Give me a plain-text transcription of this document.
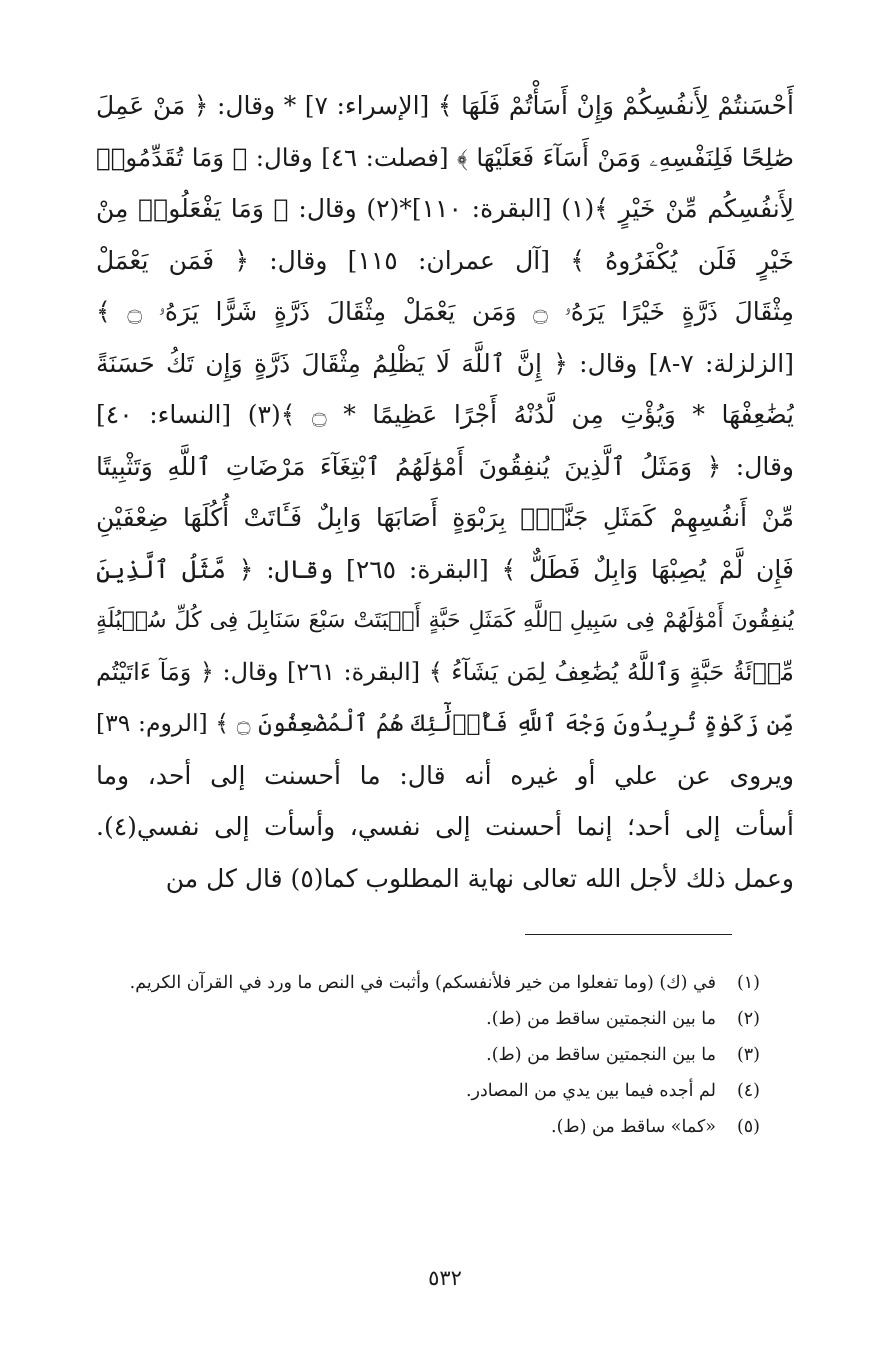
أَحْسَنتُمْ لِأَنفُسِكُمْ وَإِنْ أَسَأْتُمْ فَلَهَا ﴾ [الإسراء: ٧] * وقال: ﴿ مَنْ عَمِلَ
صَٰلِحًا فَلِنَفْسِهِۦ وَمَنْ أَسَآءَ فَعَلَيْهَا ﴾ [فصلت: ٤٦] وقال: ﴿ وَمَا تُقَدِّمُوا۟
لِأَنفُسِكُم مِّنْ خَيْرٍ ﴾(١) [البقرة: ١١٠]*(٢) وقال: ﴿ وَمَا يَفْعَلُوا۟ مِنْ
خَيْرٍ فَلَن يُكْفَرُوهُ ﴾ [آل عمران: ١١٥] وقال: ﴿ فَمَن يَعْمَلْ
مِثْقَالَ ذَرَّةٍ خَيْرًا يَرَهُۥ ۝ وَمَن يَعْمَلْ مِثْقَالَ ذَرَّةٍ شَرًّا يَرَهُۥ ۝ ﴾
[الزلزلة: ٧-٨] وقال: ﴿ إِنَّ ٱللَّهَ لَا يَظْلِمُ مِثْقَالَ ذَرَّةٍ وَإِن تَكُ حَسَنَةً
يُضَٰعِفْهَا * وَيُؤْتِ مِن لَّدُنْهُ أَجْرًا عَظِيمًا * ۝ ﴾(٣) [النساء: ٤٠]
وقال: ﴿ وَمَثَلُ ٱلَّذِينَ يُنفِقُونَ أَمْوَٰلَهُمُ ٱبْتِغَآءَ مَرْضَاتِ ٱللَّهِ وَتَثْبِيتًا
مِّنْ أَنفُسِهِمْ كَمَثَلِ جَنَّةٍۭ بِرَبْوَةٍ أَصَابَهَا وَابِلٌ فَـَٔاتَتْ أُكُلَهَا ضِعْفَيْنِ
فَإِن لَّمْ يُصِبْهَا وَابِلٌ فَطَلٌّ ﴾ [البقرة: ٢٦٥] وقال: ﴿ مَّثَلُ ٱلَّذِينَ
يُنفِقُونَ أَمْوَٰلَهُمْ فِى سَبِيلِ ٱللَّهِ كَمَثَلِ حَبَّةٍ أَنۢبَتَتْ سَبْعَ سَنَابِلَ فِى كُلِّ سُنۢبُلَةٍ
مِّا۟ئَةُ حَبَّةٍ وَٱللَّهُ يُضَٰعِفُ لِمَن يَشَآءُ ﴾ [البقرة: ٢٦١] وقال: ﴿ وَمَآ ءَاتَيْتُم
مِّن زَكَوٰةٍ تُرِيدُونَ وَجْهَ ٱللَّهِ فَأُو۟لَٰٓئِكَ هُمُ ٱلْمُضْعِفُونَ ۝ ﴾ [الروم: ٣٩]
ويروى عن علي أو غيره أنه قال: ما أحسنت إلى أحد، وما
أسأت إلى أحد؛ إنما أحسنت إلى نفسي، وأسأت إلى نفسي(٤).
وعمل ذلك لأجل الله تعالى نهاية المطلوب كما(٥) قال كل من
(١)
في (ك) (وما تفعلوا من خير فلأنفسكم) وأثبت في النص ما ورد في القرآن الكريم.
(٢)
ما بين النجمتين ساقط من (ط).
(٣)
ما بين النجمتين ساقط من (ط).
(٤)
لم أجده فيما بين يدي من المصادر.
(٥)
«كما» ساقط من (ط).
٥٣٢
